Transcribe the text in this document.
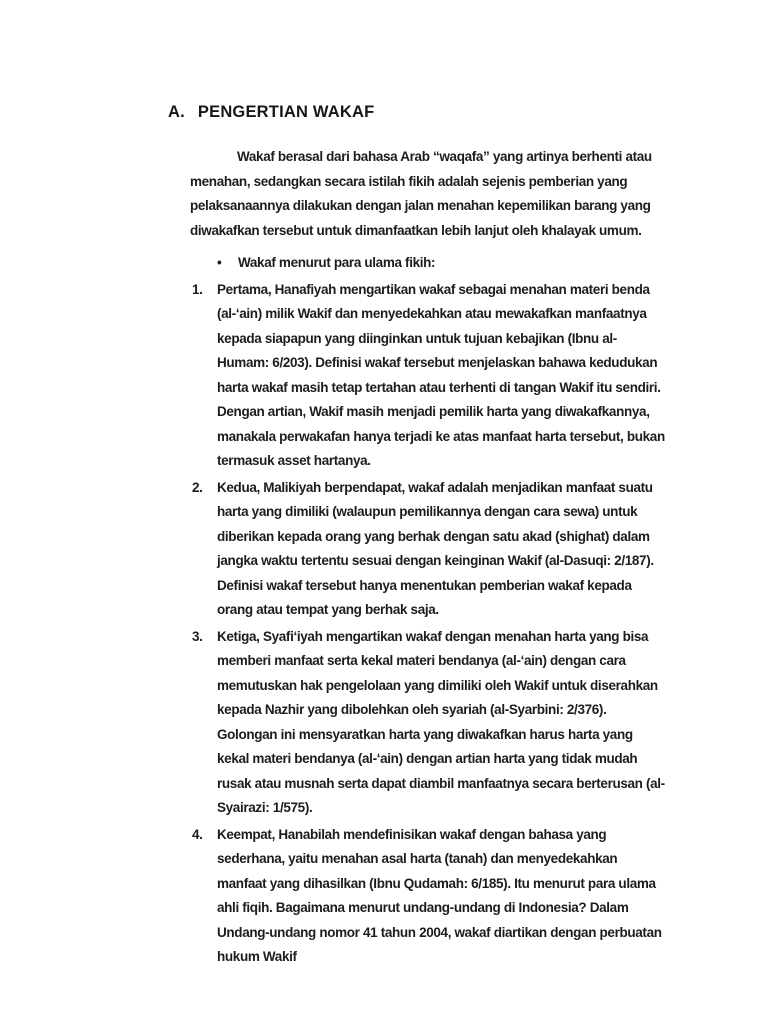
A. PENGERTIAN WAKAF

Wakaf berasal dari bahasa Arab “waqafa” yang artinya berhenti atau menahan, sedangkan secara istilah fikih adalah sejenis pemberian yang pelaksanaannya dilakukan dengan jalan menahan kepemilikan barang yang diwakafkan tersebut untuk dimanfaatkan lebih lanjut oleh khalayak umum.

• Wakaf menurut para ulama fikih:
1. Pertama, Hanafiyah mengartikan wakaf sebagai menahan materi benda (al-‘ain) milik Wakif dan menyedekahkan atau mewakafkan manfaatnya kepada siapapun yang diinginkan untuk tujuan kebajikan (Ibnu al-Humam: 6/203). Definisi wakaf tersebut menjelaskan bahawa kedudukan harta wakaf masih tetap tertahan atau terhenti di tangan Wakif itu sendiri. Dengan artian, Wakif masih menjadi pemilik harta yang diwakafkannya, manakala perwakafan hanya terjadi ke atas manfaat harta tersebut, bukan termasuk asset hartanya.
2. Kedua, Malikiyah berpendapat, wakaf adalah menjadikan manfaat suatu harta yang dimiliki (walaupun pemilikannya dengan cara sewa) untuk diberikan kepada orang yang berhak dengan satu akad (shighat) dalam jangka waktu tertentu sesuai dengan keinginan Wakif (al-Dasuqi: 2/187). Definisi wakaf tersebut hanya menentukan pemberian wakaf kepada orang atau tempat yang berhak saja.
3. Ketiga, Syafi‘iyah mengartikan wakaf dengan menahan harta yang bisa memberi manfaat serta kekal materi bendanya (al-‘ain) dengan cara memutuskan hak pengelolaan yang dimiliki oleh Wakif untuk diserahkan kepada Nazhir yang dibolehkan oleh syariah (al-Syarbini: 2/376). Golongan ini mensyaratkan harta yang diwakafkan harus harta yang kekal materi bendanya (al-‘ain) dengan artian harta yang tidak mudah rusak atau musnah serta dapat diambil manfaatnya secara berterusan (al-Syairazi: 1/575).
4. Keempat, Hanabilah mendefinisikan wakaf dengan bahasa yang sederhana, yaitu menahan asal harta (tanah) dan menyedekahkan manfaat yang dihasilkan (Ibnu Qudamah: 6/185). Itu menurut para ulama ahli fiqih. Bagaimana menurut undang-undang di Indonesia? Dalam Undang-undang nomor 41 tahun 2004, wakaf diartikan dengan perbuatan hukum Wakif
